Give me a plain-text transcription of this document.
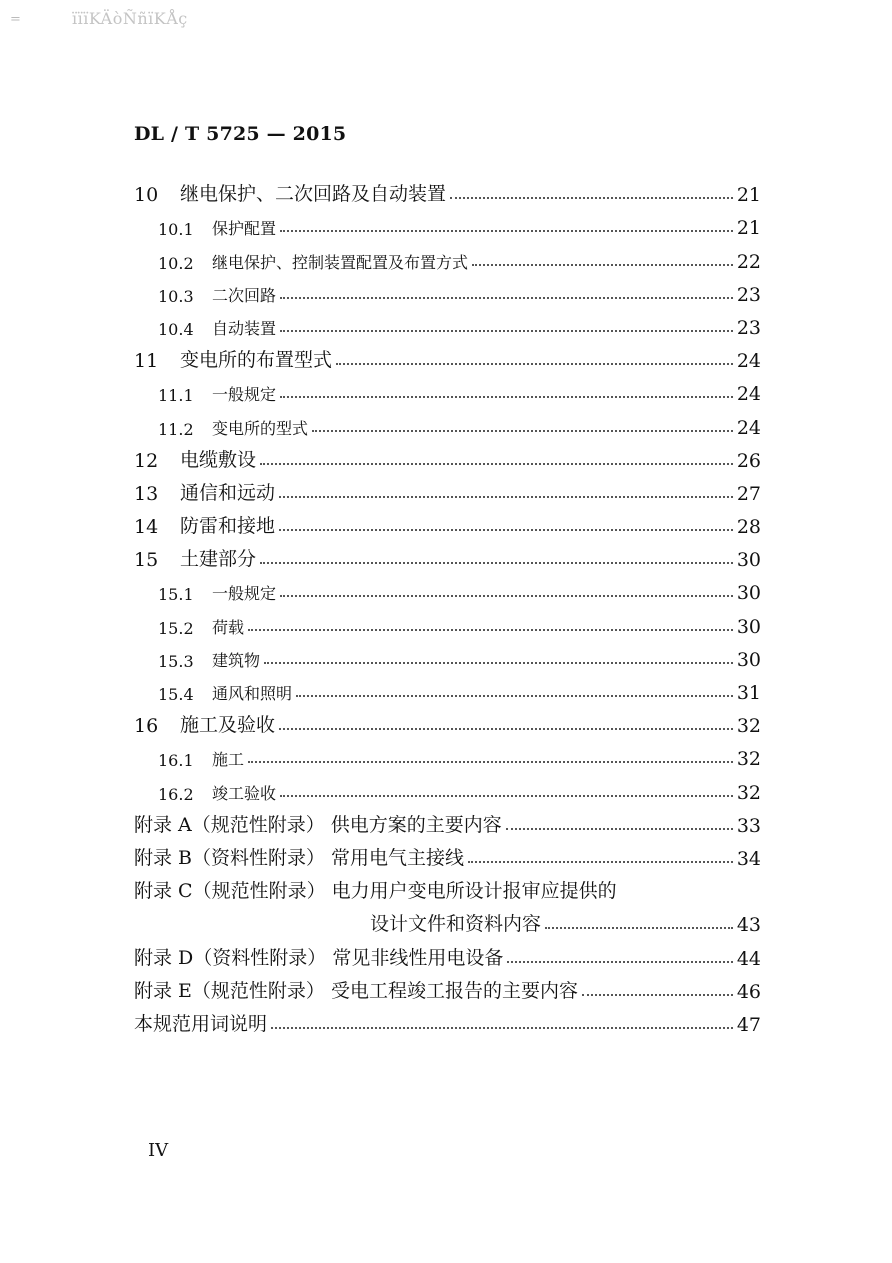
=	ïïïKÄòÑñïKÅç
DL / T 5725 — 2015
10	继电保护、二次回路及自动装置	21
10.1	保护配置	21
10.2	继电保护、控制装置配置及布置方式	22
10.3	二次回路	23
10.4	自动装置	23
11	变电所的布置型式	24
11.1	一般规定	24
11.2	变电所的型式	24
12	电缆敷设	26
13	通信和远动	27
14	防雷和接地	28
15	土建部分	30
15.1	一般规定	30
15.2	荷载	30
15.3	建筑物	30
15.4	通风和照明	31
16	施工及验收	32
16.1	施工	32
16.2	竣工验收	32
附录 A（规范性附录） 供电方案的主要内容	33
附录 B（资料性附录） 常用电气主接线	34
附录 C（规范性附录） 电力用户变电所设计报审应提供的
设计文件和资料内容	43
附录 D（资料性附录） 常见非线性用电设备	44
附录 E（规范性附录） 受电工程竣工报告的主要内容	46
本规范用词说明	47
IV
